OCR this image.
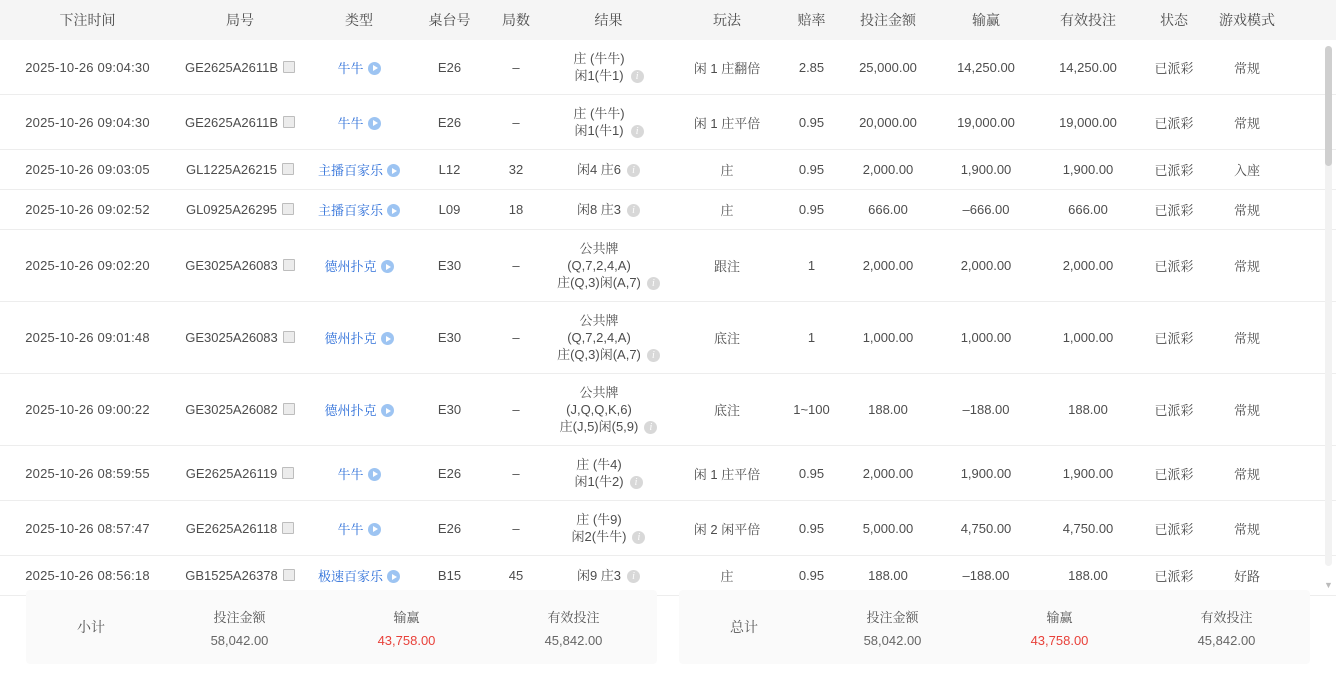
下注时间	局号	类型	桌台号	局数	结果	玩法	赔率	投注金额	输赢	有效投注	状态	游戏模式	
2025-10-26 09:04:30	GE2625A2611B	牛牛	E26	–	庄 (牛牛)
闲1(牛1) i	闲 1 庄翻倍	2.85	25,000.00	14,250.00	14,250.00	已派彩	常规	
2025-10-26 09:04:30	GE2625A2611B	牛牛	E26	–	庄 (牛牛)
闲1(牛1) i	闲 1 庄平倍	0.95	20,000.00	19,000.00	19,000.00	已派彩	常规	
2025-10-26 09:03:05	GL1225A26215	主播百家乐	L12	32	闲4 庄6 i	庄	0.95	2,000.00	1,900.00	1,900.00	已派彩	入座	
2025-10-26 09:02:52	GL0925A26295	主播百家乐	L09	18	闲8 庄3 i	庄	0.95	666.00	–666.00	666.00	已派彩	常规	
2025-10-26 09:02:20	GE3025A26083	德州扑克	E30	–	公共牌
(Q,7,2,4,A)
庄(Q,3)闲(A,7) i	跟注	1	2,000.00	2,000.00	2,000.00	已派彩	常规	
2025-10-26 09:01:48	GE3025A26083	德州扑克	E30	–	公共牌
(Q,7,2,4,A)
庄(Q,3)闲(A,7) i	底注	1	1,000.00	1,000.00	1,000.00	已派彩	常规	
2025-10-26 09:00:22	GE3025A26082	德州扑克	E30	–	公共牌
(J,Q,Q,K,6)
庄(J,5)闲(5,9) i	底注	1~100	188.00	–188.00	188.00	已派彩	常规	
2025-10-26 08:59:55	GE2625A26119	牛牛	E26	–	庄 (牛4)
闲1(牛2) i	闲 1 庄平倍	0.95	2,000.00	1,900.00	1,900.00	已派彩	常规	
2025-10-26 08:57:47	GE2625A26118	牛牛	E26	–	庄 (牛9)
闲2(牛牛) i	闲 2 闲平倍	0.95	5,000.00	4,750.00	4,750.00	已派彩	常规	
2025-10-26 08:56:18	GB1525A26378	极速百家乐	B15	45	闲9 庄3 i	庄	0.95	188.00	–188.00	188.00	已派彩	好路	
▼
小计
投注金额
58,042.00
输赢
43,758.00
有效投注
45,842.00
总计
投注金额
58,042.00
输赢
43,758.00
有效投注
45,842.00
